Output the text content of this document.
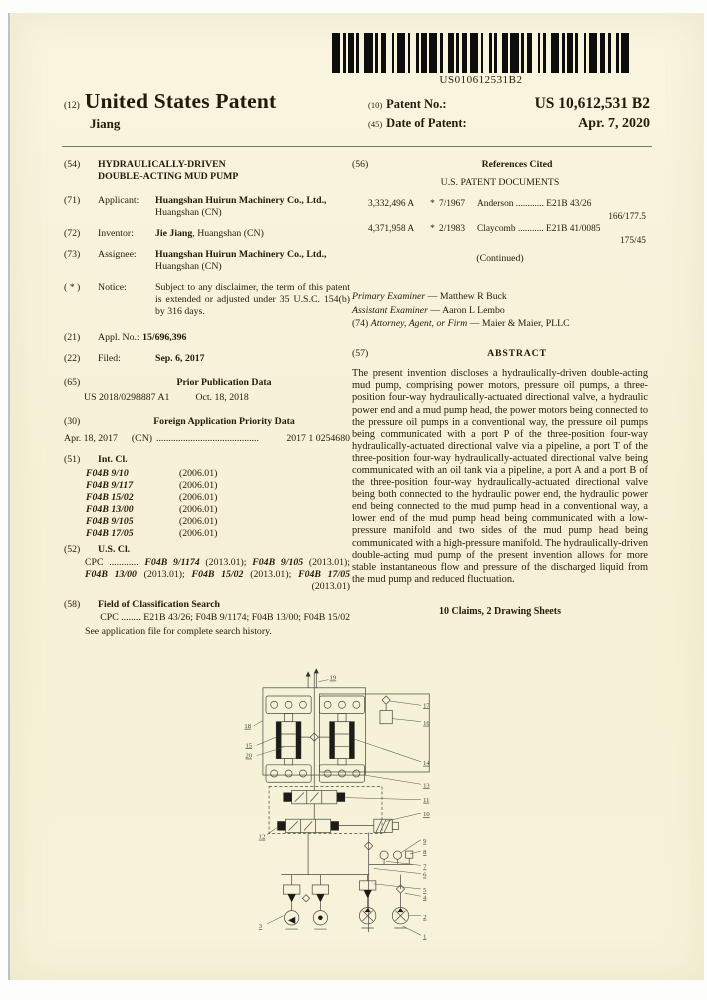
US010612531B2
(12) United States Patent
Jiang
(10) Patent No.:	US 10,612,531 B2
(45) Date of Patent:	Apr. 7, 2020
(54)	HYDRAULICALLY-DRIVEN
DOUBLE-ACTING MUD PUMP
(71)	Applicant:	Huangshan Huirun Machinery Co., Ltd., Huangshan (CN)
(72)	Inventor:	Jie Jiang, Huangshan (CN)
(73)	Assignee:	Huangshan Huirun Machinery Co., Ltd., Huangshan (CN)
( * )	Notice:	Subject to any disclaimer, the term of this patent is extended or adjusted under 35 U.S.C. 154(b) by 316 days.
(21)	Appl. No.: 15/696,396
(22)	Filed:	Sep. 6, 2017
(65)	Prior Publication Data
US 2018/0298887 A1	Oct. 18, 2018
(30)	Foreign Application Priority Data
Apr. 18, 2017 (CN) ..........................................	2017 1 0254680
(51)	Int. Cl.
F04B 9/10	(2006.01)
F04B 9/117	(2006.01)
F04B 15/02	(2006.01)
F04B 13/00	(2006.01)
F04B 9/105	(2006.01)
F04B 17/05	(2006.01)
(52)	U.S. Cl.
CPC ............ F04B 9/1174 (2013.01); F04B 9/105 (2013.01); F04B 13/00 (2013.01); F04B 15/02 (2013.01); F04B 17/05 (2013.01)
(58)	Field of Classification Search
CPC ........ E21B 43/26; F04B 9/1174; F04B 13/00; F04B 15/02
See application file for complete search history.
(56)	References Cited
U.S. PATENT DOCUMENTS
3,332,496 A	* 7/1967	Anderson ............ E21B 43/26
166/177.5
4,371,958 A	* 2/1983	Claycomb ........... E21B 41/0085
175/45
(Continued)
Primary Examiner — Matthew R Buck
Assistant Examiner — Aaron L Lembo
(74) Attorney, Agent, or Firm — Maier & Maier, PLLC
(57)	ABSTRACT
The present invention discloses a hydraulically-driven double-acting mud pump, comprising power motors, pressure oil pumps, a three-position four-way hydraulically-actuated directional valve, a hydraulic power end and a mud pump head, the power motors being connected to the pressure oil pumps in a conventional way, the pressure oil pumps being communicated with a port P of the three-position four-way hydraulically-actuated directional valve via a pipeline, a port T of the three-position four-way hydraulically-actuated directional valve being communicated with an oil tank via a pipeline, a port A and a port B of the three-position four-way hydraulically-actuated directional valve being both connected to the hydraulic power end, the hydraulic power end being connected to the mud pump head in a conventional way, a lower end of the mud pump head being communicated with a low-pressure manifold and two sides of the mud pump head being communicated with a high-pressure manifold. The hydraulically-driven double-acting mud pump of the present invention allows for more stable instantaneous flow and pressure of the discharged liquid from the mud pump and reduced fluctuation.
10 Claims, 2 Drawing Sheets
19
18
17
16
15
20
14
13
12
11
10
9
8
7
6
5
3
4
2
1
